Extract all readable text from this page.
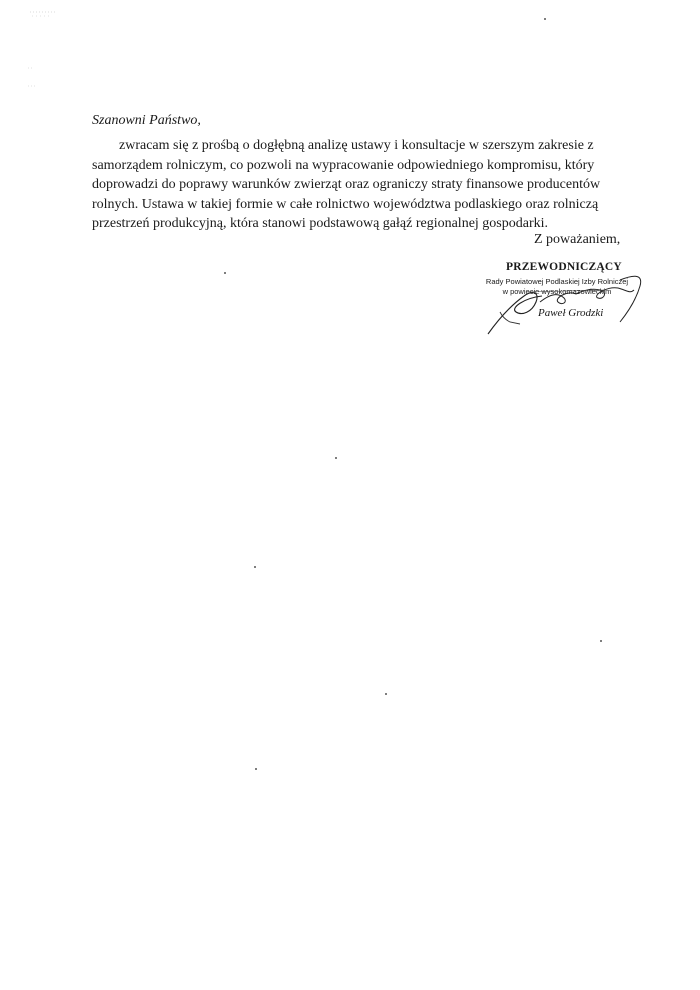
Szanowni Państwo,

zwracam się z prośbą o dogłębną analizę ustawy i konsultacje w szerszym zakresie z
samorządem rolniczym, co pozwoli na wypracowanie odpowiedniego kompromisu, który
doprowadzi do poprawy warunków zwierząt oraz ograniczy straty finansowe producentów
rolnych. Ustawa w takiej formie w całe rolnictwo województwa podlaskiego oraz rolniczą
przestrzeń produkcyjną, która stanowi podstawową gałąź regionalnej gospodarki.

Z poważaniem,

PRZEWODNICZĄCY

Rady Powiatowej Podlaskiej Izby Rolniczej
w powiecie wysokomazowieckim

Paweł Grodzki
